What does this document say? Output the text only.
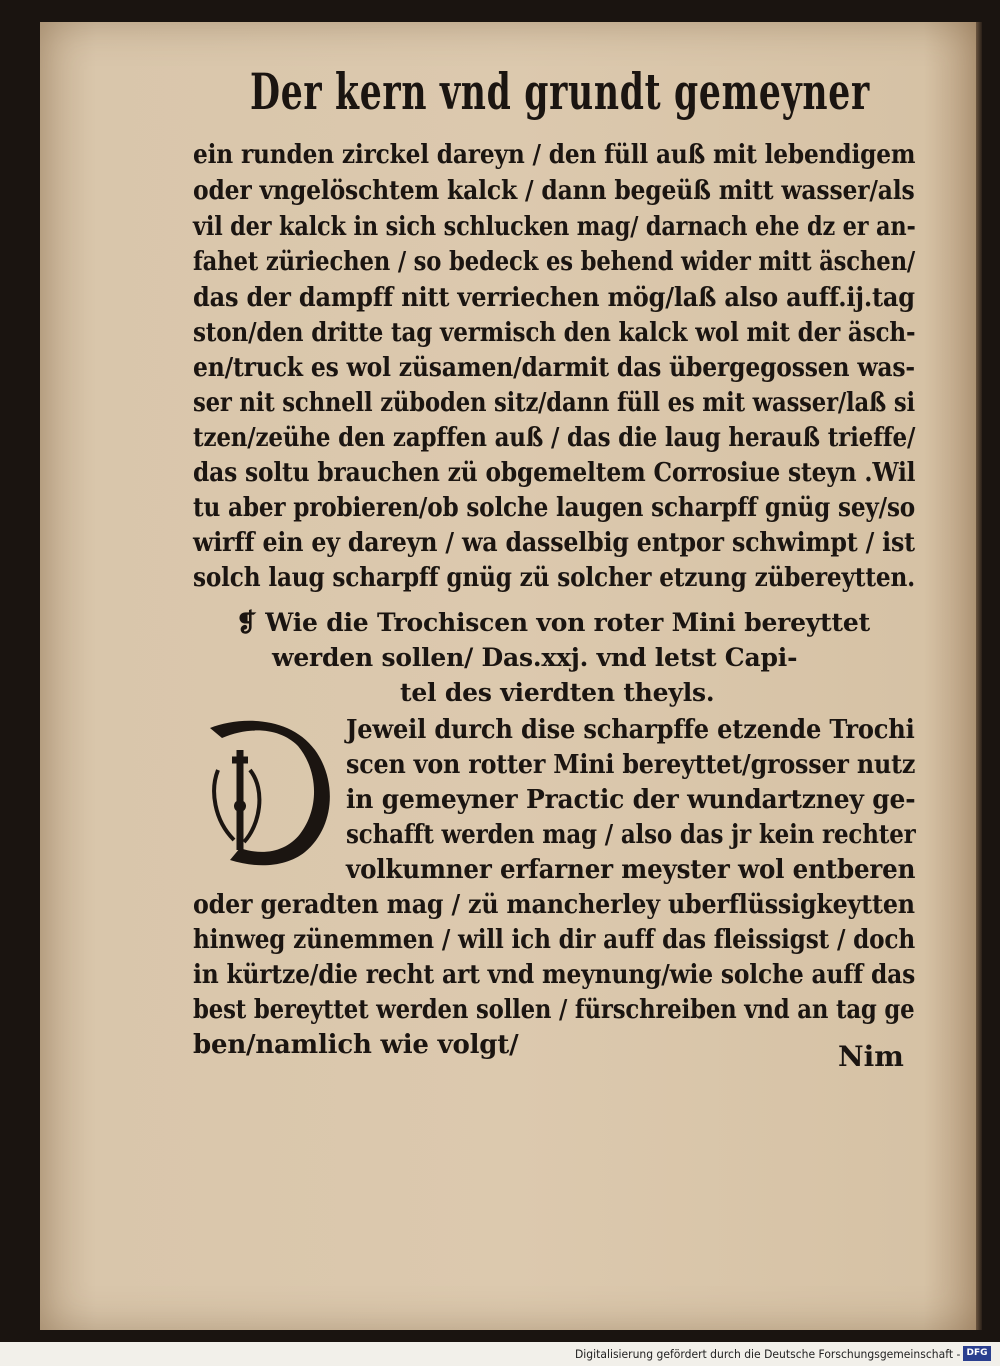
Der kern vnd grundt gemeyner
ein runden zirckel dareyn / den füll auß mit lebendigem
oder vngelöschtem kalck / dann begeüß mitt wasser/als
vil der kalck in sich schlucken mag/ darnach ehe dz er an-
fahet züriechen / so bedeck es behend wider mitt äschen/
das der dampff nitt verriechen mög/laß also auff.ij.tag
ston/den dritte tag vermisch den kalck wol mit der äsch-
en/truck es wol züsamen/darmit das übergegossen was-
ser nit schnell züboden sitz/dann füll es mit wasser/laß si
tzen/zeühe den zapffen auß / das die laug herauß trieffe/
das soltu brauchen zü obgemeltem Corrosiue steyn .Wil
tu aber probieren/ob solche laugen scharpff gnüg sey/so
wirff ein ey dareyn / wa dasselbig entpor schwimpt / ist
solch laug scharpff gnüg zü solcher etzung zübereytten.
❡ Wie die Trochiscen von roter Mini bereyttet
werden sollen/ Das.xxj. vnd letst Capi-
tel des vierdten theyls.
D
Jeweil durch dise scharpffe etzende Trochi
scen von rotter Mini bereyttet/grosser nutz
in gemeyner Practic der wundartzney ge-
schafft werden mag / also das jr kein rechter
volkumner erfarner meyster wol entberen
oder geradten mag / zü mancherley uberflüssigkeytten
hinweg zünemmen / will ich dir auff das fleissigst / doch
in kürtze/die recht art vnd meynung/wie solche auff das
best bereyttet werden sollen / fürschreiben vnd an tag ge
ben/namlich wie volgt/	Nim
Digitalisierung gefördert durch die Deutsche Forschungsgemeinschaft - DFG
